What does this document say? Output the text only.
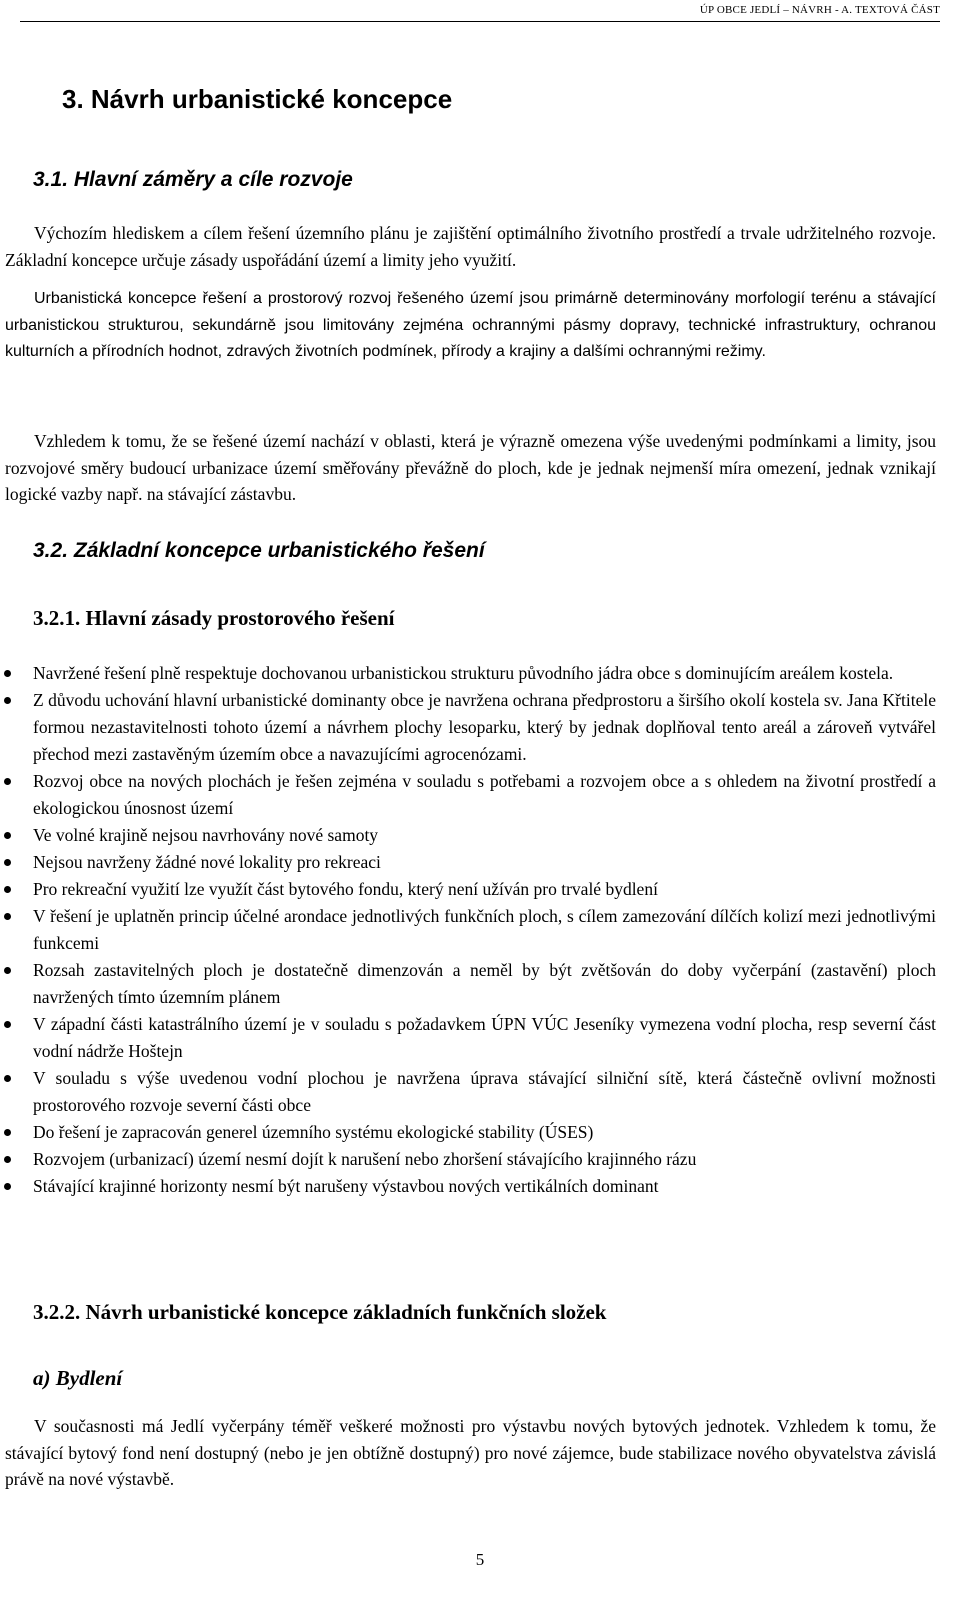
ÚP OBCE JEDLÍ – NÁVRH - A. TEXTOVÁ ČÁST
3. Návrh urbanistické koncepce
3.1. Hlavní záměry a cíle rozvoje
Výchozím hlediskem a cílem řešení územního plánu je zajištění optimálního životního prostředí a trvale udržitelného rozvoje. Základní koncepce určuje zásady uspořádání území a limity jeho využití.
Urbanistická koncepce řešení a prostorový rozvoj řešeného území jsou primárně determinovány morfologií terénu a stávající urbanistickou strukturou, sekundárně jsou limitovány zejména ochrannými pásmy dopravy, technické infrastruktury, ochranou kulturních a přírodních hodnot, zdravých životních podmínek, přírody a krajiny a dalšími ochrannými režimy.
Vzhledem k tomu, že se řešené území nachází v oblasti, která je výrazně omezena výše uvedenými podmínkami a limity, jsou rozvojové směry budoucí urbanizace území směřovány převážně do ploch, kde je jednak nejmenší míra omezení, jednak vznikají logické vazby např. na stávající zástavbu.
3.2. Základní koncepce urbanistického řešení
3.2.1. Hlavní zásady prostorového řešení
Navržené řešení plně respektuje dochovanou urbanistickou strukturu původního jádra obce s dominujícím areálem kostela.
Z důvodu uchování hlavní urbanistické dominanty obce je navržena ochrana předprostoru a širšího okolí kostela sv. Jana Křtitele formou nezastavitelnosti tohoto území a návrhem plochy lesoparku, který by jednak doplňoval tento areál a zároveň vytvářel přechod mezi zastavěným územím obce a navazujícími agrocenózami.
Rozvoj obce na nových plochách je řešen zejména v souladu s potřebami a rozvojem obce a s ohledem na životní prostředí a ekologickou únosnost území
Ve volné krajině nejsou navrhovány nové samoty
Nejsou navrženy žádné nové lokality pro rekreaci
Pro rekreační využití lze využít část bytového fondu, který není užíván pro trvalé bydlení
V řešení je uplatněn princip účelné arondace jednotlivých funkčních ploch, s cílem zamezování dílčích kolizí mezi jednotlivými funkcemi
Rozsah zastavitelných ploch je dostatečně dimenzován a neměl by být zvětšován do doby vyčerpání (zastavění) ploch navržených tímto územním plánem
V západní části katastrálního území je v souladu s požadavkem ÚPN VÚC Jeseníky vymezena vodní plocha, resp severní část vodní nádrže Hoštejn
V souladu s výše uvedenou vodní plochou je navržena úprava stávající silniční sítě, která částečně ovlivní možnosti prostorového rozvoje severní části obce
Do řešení je zapracován generel územního systému ekologické stability (ÚSES)
Rozvojem (urbanizací) území nesmí dojít k narušení nebo zhoršení stávajícího krajinného rázu
Stávající krajinné horizonty nesmí být narušeny výstavbou nových vertikálních dominant
3.2.2. Návrh urbanistické koncepce základních funkčních složek
a) Bydlení
V současnosti má Jedlí vyčerpány téměř veškeré možnosti pro výstavbu nových bytových jednotek. Vzhledem k tomu, že stávající bytový fond není dostupný (nebo je jen obtížně dostupný) pro nové zájemce, bude stabilizace nového obyvatelstva závislá právě na nové výstavbě.
5
